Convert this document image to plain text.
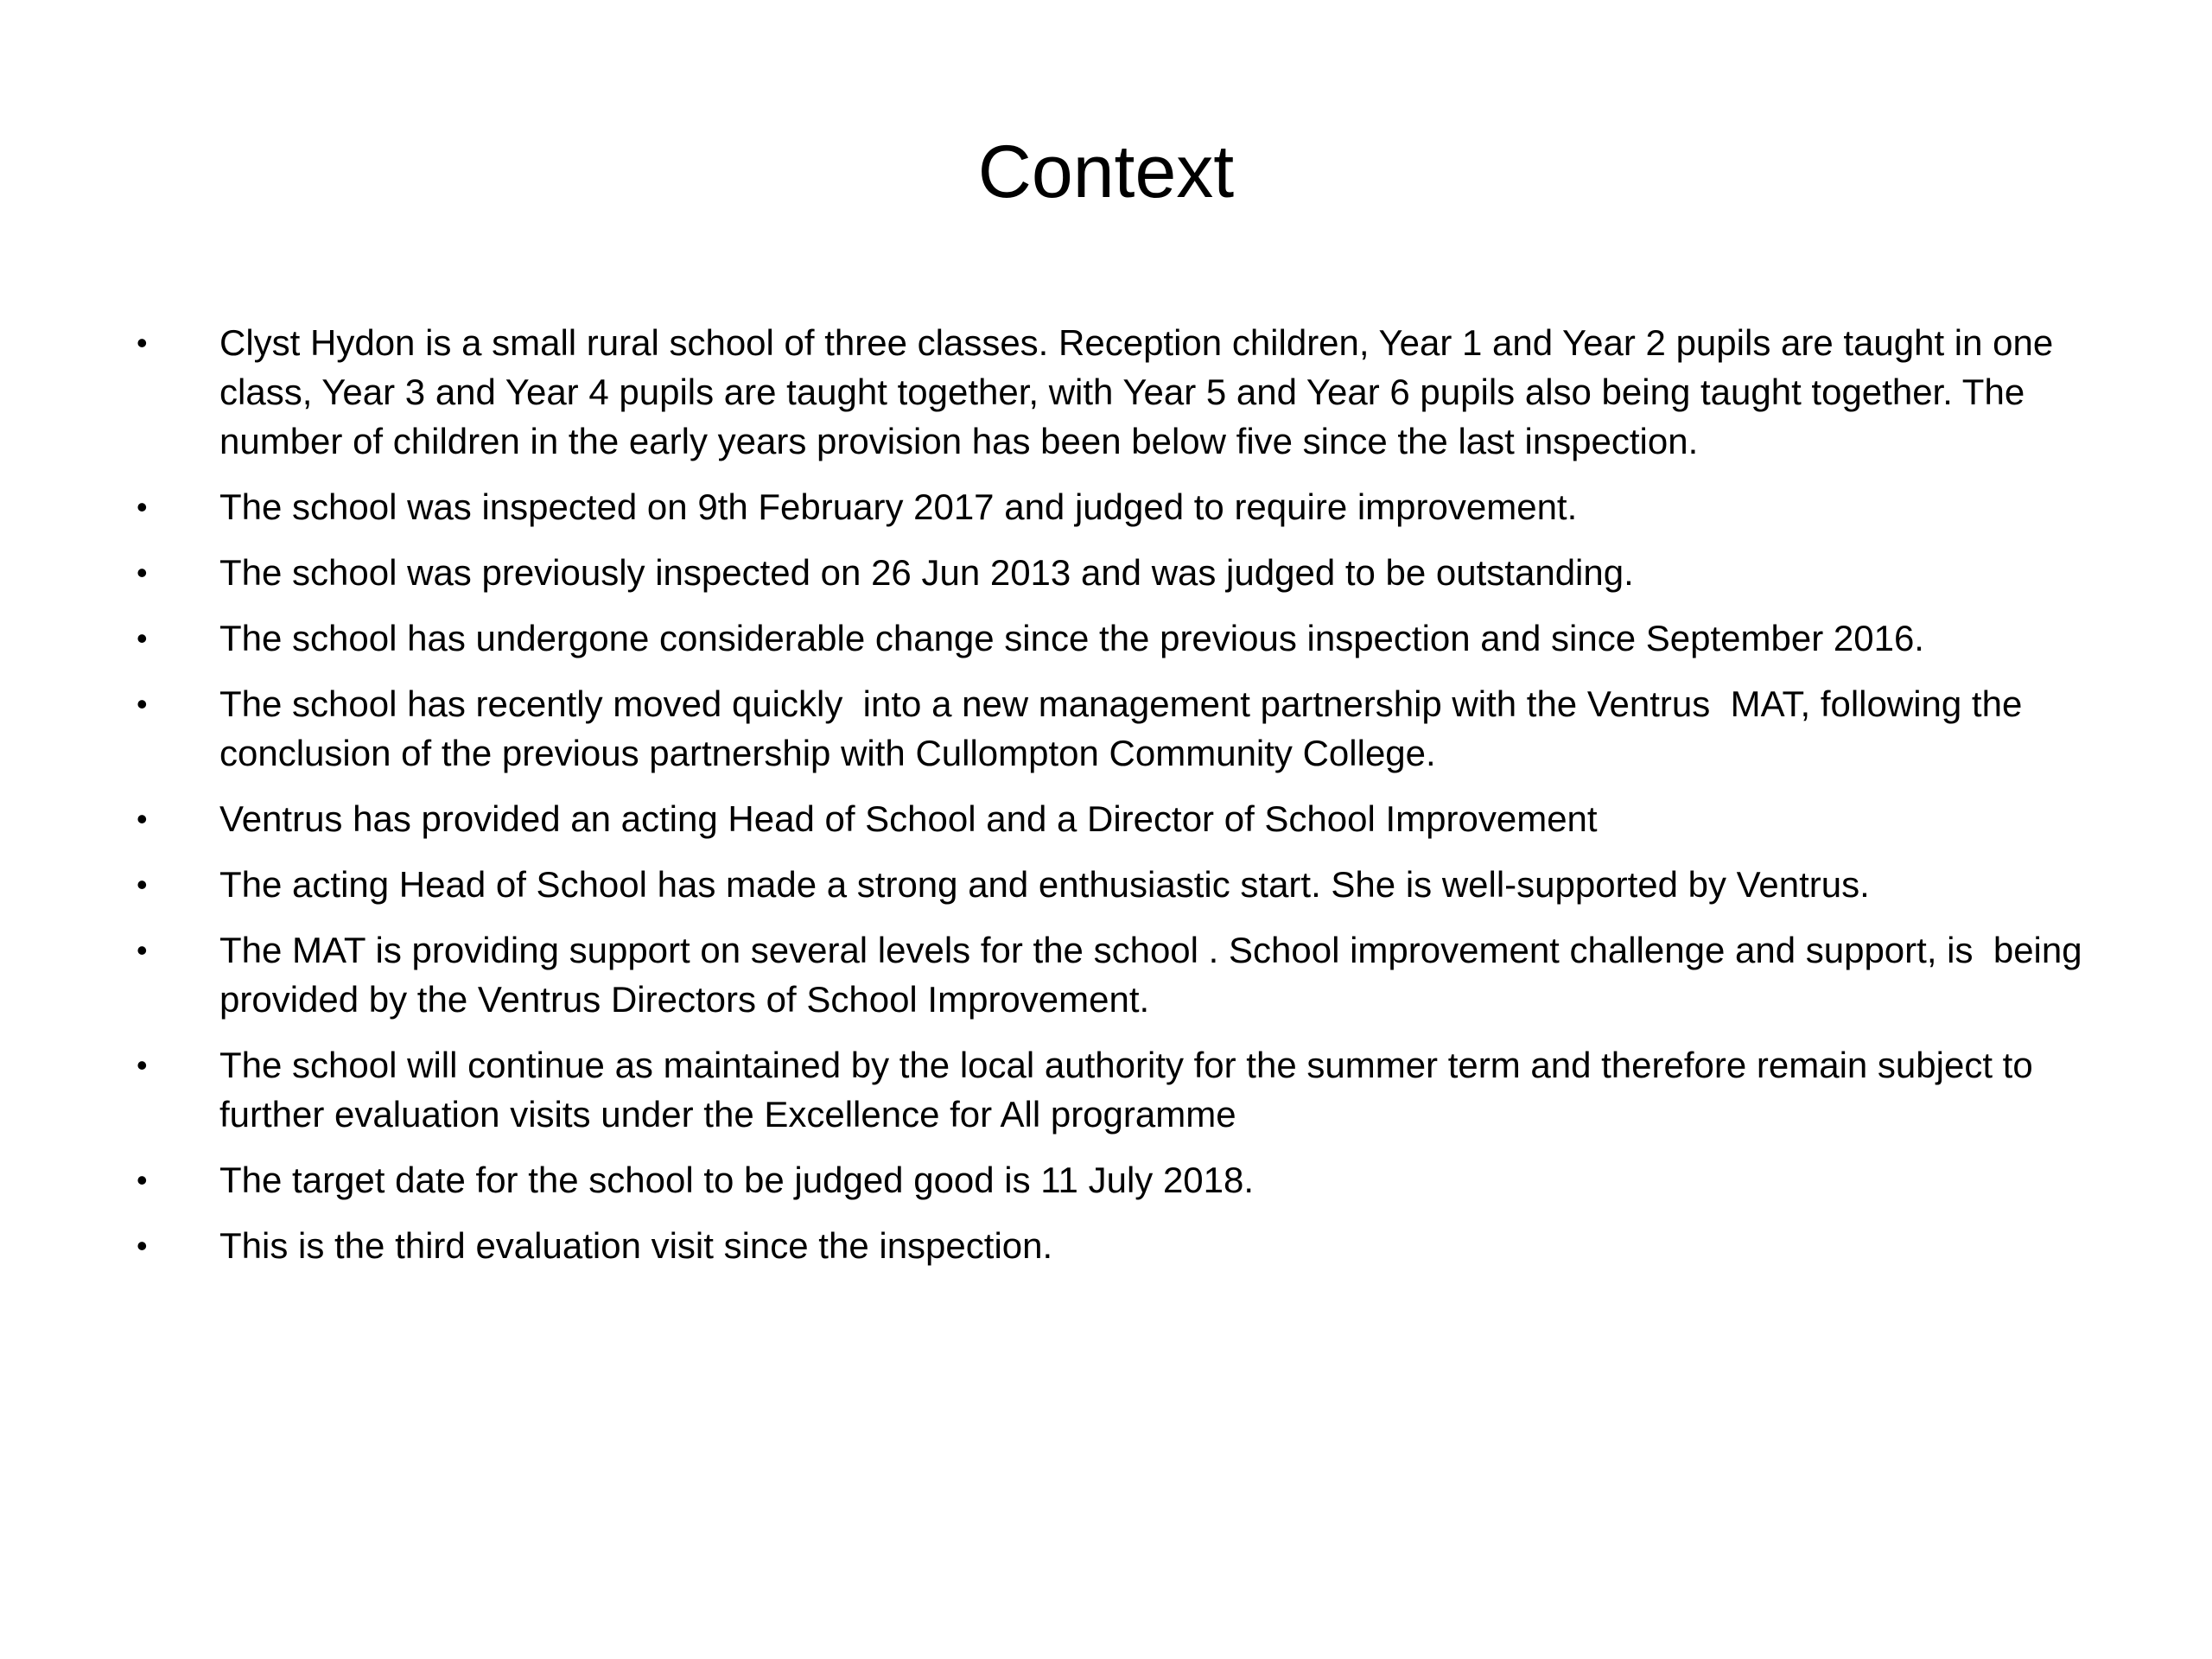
Context
•	Clyst Hydon is a small rural school of three classes. Reception children, Year 1 and Year 2 pupils are taught in one class, Year 3 and Year 4 pupils are taught together, with Year 5 and Year 6 pupils also being taught together. The number of children in the early years provision has been below five since the last inspection.
•	The school was inspected on 9th February 2017 and judged to require improvement.
•	The school was previously inspected on 26 Jun 2013 and was judged to be outstanding.
•	The school has undergone considerable change since the previous inspection and since September 2016.
•	The school has recently moved quickly  into a new management partnership with the Ventrus  MAT, following the conclusion of the previous partnership with Cullompton Community College.
•	Ventrus has provided an acting Head of School and a Director of School Improvement
•	The acting Head of School has made a strong and enthusiastic start. She is well-supported by Ventrus.
•	The MAT is providing support on several levels for the school . School improvement challenge and support, is  being provided by the Ventrus Directors of School Improvement.
•	The school will continue as maintained by the local authority for the summer term and therefore remain subject to further evaluation visits under the Excellence for All programme
•	The target date for the school to be judged good is 11 July 2018.
•	This is the third evaluation visit since the inspection.
